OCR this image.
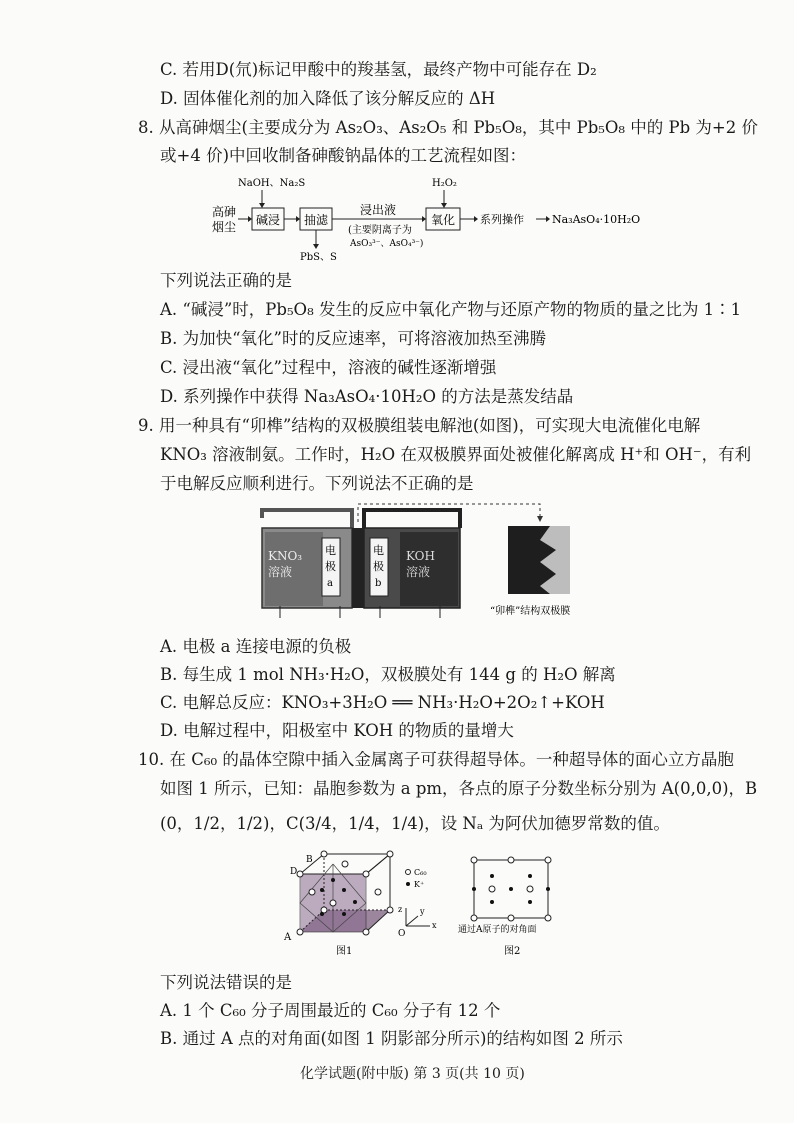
C. 若用D(氘)标记甲酸中的羧基氢，最终产物中可能存在 D₂
D. 固体催化剂的加入降低了该分解反应的 ΔH
8. 从高砷烟尘(主要成分为 As₂O₃、As₂O₅ 和 Pb₅O₈，其中 Pb₅O₈ 中的 Pb 为+2 价
或+4 价)中回收制备砷酸钠晶体的工艺流程如图：
NaOH、Na₂S	H₂O₂
高砷
烟尘 碱浸 抽滤
PbS、S
浸出液
(主要阴离子为
AsO₃³⁻、AsO₄³⁻)
氧化 系列操作	Na₃AsO₄·10H₂O
下列说法正确的是
A. “碱浸”时，Pb₅O₈ 发生的反应中氧化产物与还原产物的物质的量之比为 1∶1
B. 为加快“氧化”时的反应速率，可将溶液加热至沸腾
C. 浸出液“氧化”过程中，溶液的碱性逐渐增强
D. 系列操作中获得 Na₃AsO₄·10H₂O 的方法是蒸发结晶
9. 用一种具有“卯榫”结构的双极膜组装电解池(如图)，可实现大电流催化电解
KNO₃ 溶液制氨。工作时，H₂O 在双极膜界面处被催化解离成 H⁺和 OH⁻，有利
于电解反应顺利进行。下列说法不正确的是
KNO₃
溶液
电
极
a
电
极
b
KOH
溶液
“卯榫”结构双极膜
A. 电极 a 连接电源的负极
B. 每生成 1 mol NH₃·H₂O，双极膜处有 144 g 的 H₂O 解离
C. 电解总反应：KNO₃+3H₂O ══ NH₃·H₂O+2O₂↑+KOH
D. 电解过程中，阳极室中 KOH 的物质的量增大
10. 在 C₆₀ 的晶体空隙中插入金属离子可获得超导体。一种超导体的面心立方晶胞
如图 1 所示，已知：晶胞参数为 a pm，各点的原子分数坐标分别为 A(0,0,0)，B
(0，1/2，1/2)，C(3/4，1/4，1/4)，设 Nₐ 为阿伏加德罗常数的值。
A
D
B
C₆₀
K⁺
z y
x
O
图1
通过A原子的对角面
图2
下列说法错误的是
A. 1 个 C₆₀ 分子周围最近的 C₆₀ 分子有 12 个
B. 通过 A 点的对角面(如图 1 阴影部分所示)的结构如图 2 所示
化学试题(附中版) 第 3 页(共 10 页)
